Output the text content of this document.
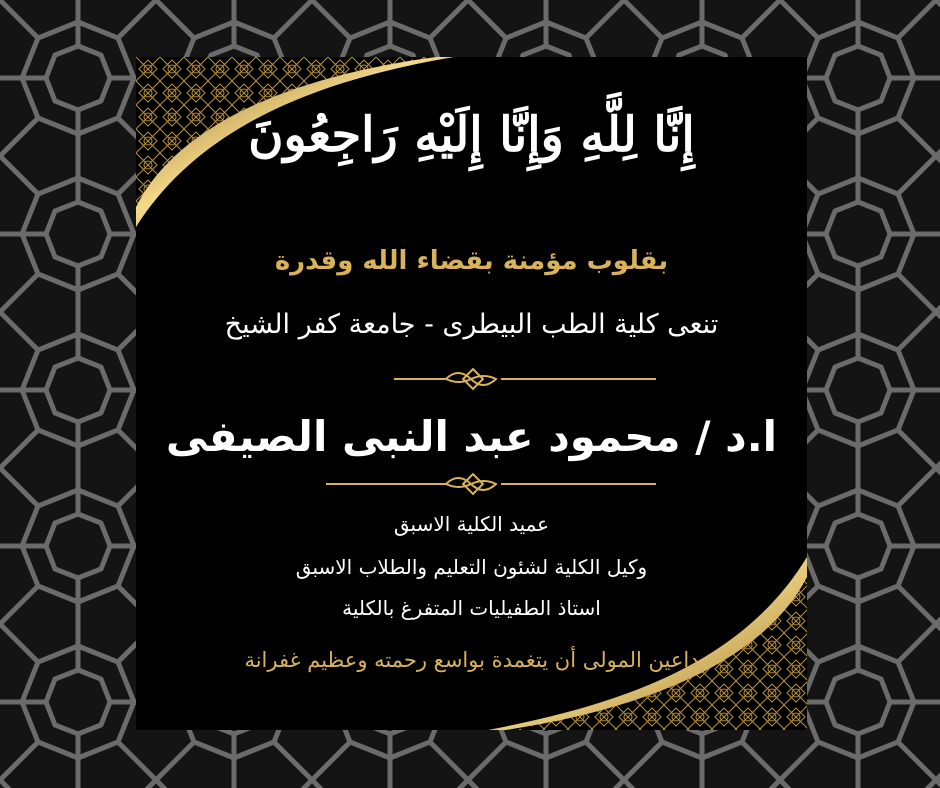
إِنَّا لِلَّهِ وَإِنَّا إِلَيْهِ رَاجِعُونَ
بقلوب مؤمنة بقضاء الله وقدرة
تنعى كلية الطب البيطرى - جامعة كفر الشيخ
ا.د / محمود عبد النبى الصيفى
عميد الكلية الاسبق
وكيل الكلية لشئون التعليم والطلاب الاسبق
استاذ الطفيليات المتفرغ بالكلية
داعين المولى أن يتغمدة بواسع رحمته وعظيم غفرانة
